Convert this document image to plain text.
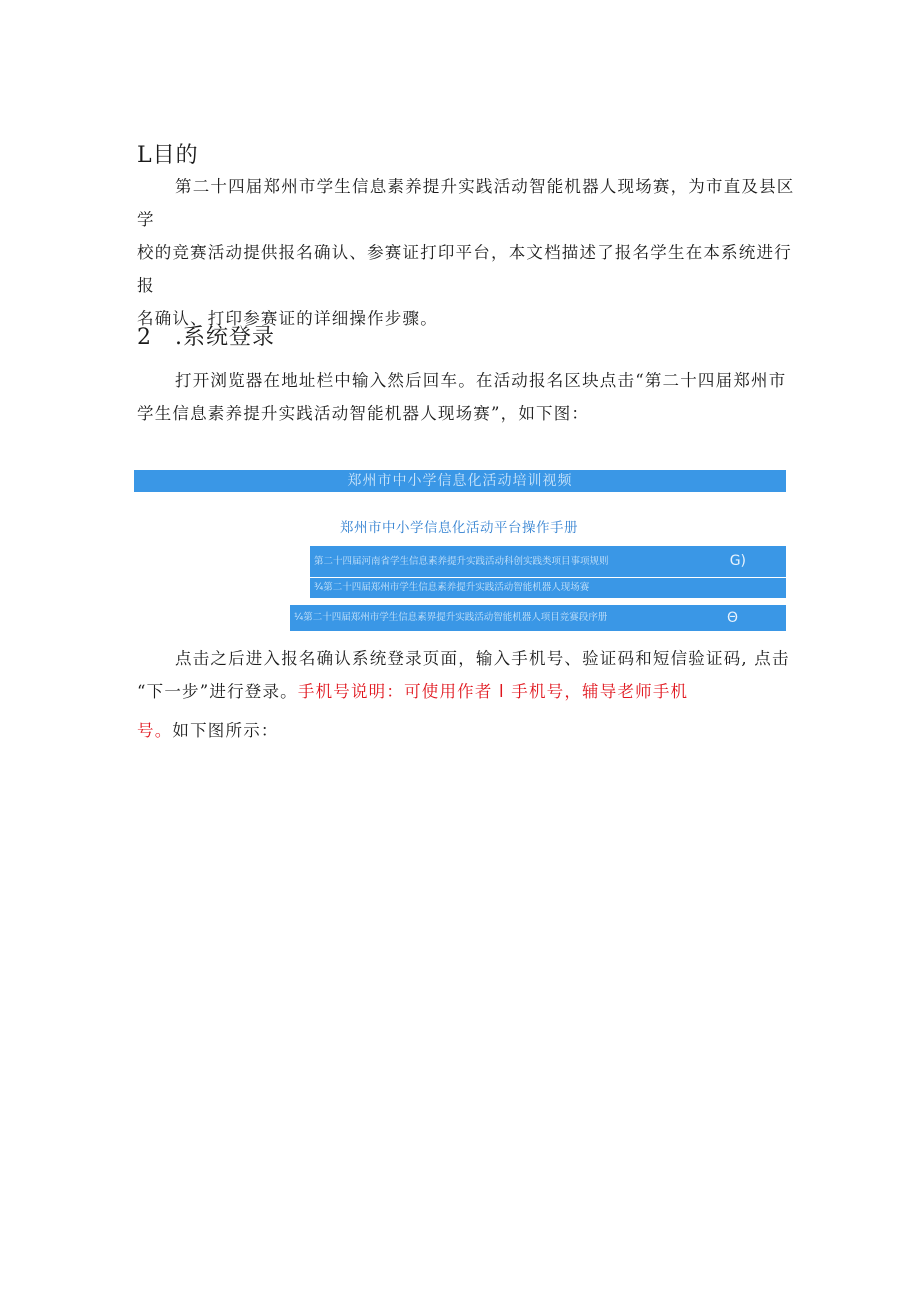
L目的
第二十四届郑州市学生信息素养提升实践活动智能机器人现场赛，为市直及县区学
校的竞赛活动提供报名确认、参赛证打印平台，本文档描述了报名学生在本系统进行报
名确认、打印参赛证的详细操作步骤。
2　.系统登录
打开浏览器在地址栏中输入然后回车。在活动报名区块点击“第二十四届郑州市
学生信息素养提升实践活动智能机器人现场赛”，如下图：
郑州市中小学信息化活动培训视频
郑州市中小学信息化活动平台操作手册
第二十四届河南省学生信息素养提升实践活动科创实践类项目事项规则	G)
¾第二十四届郑州市学生信息素养提升实践活动智能机器人现场赛
¼第二十四届郑州市学生信息素界提升实践活动智能机器人项目竞赛段序册	Θ
点击之后进入报名确认系统登录页面，输入手机号、验证码和短信验证码, 点击
“下一步”进行登录。手机号说明：可使用作者 l 手机号，辅导老师手机
号。如下图所示：
